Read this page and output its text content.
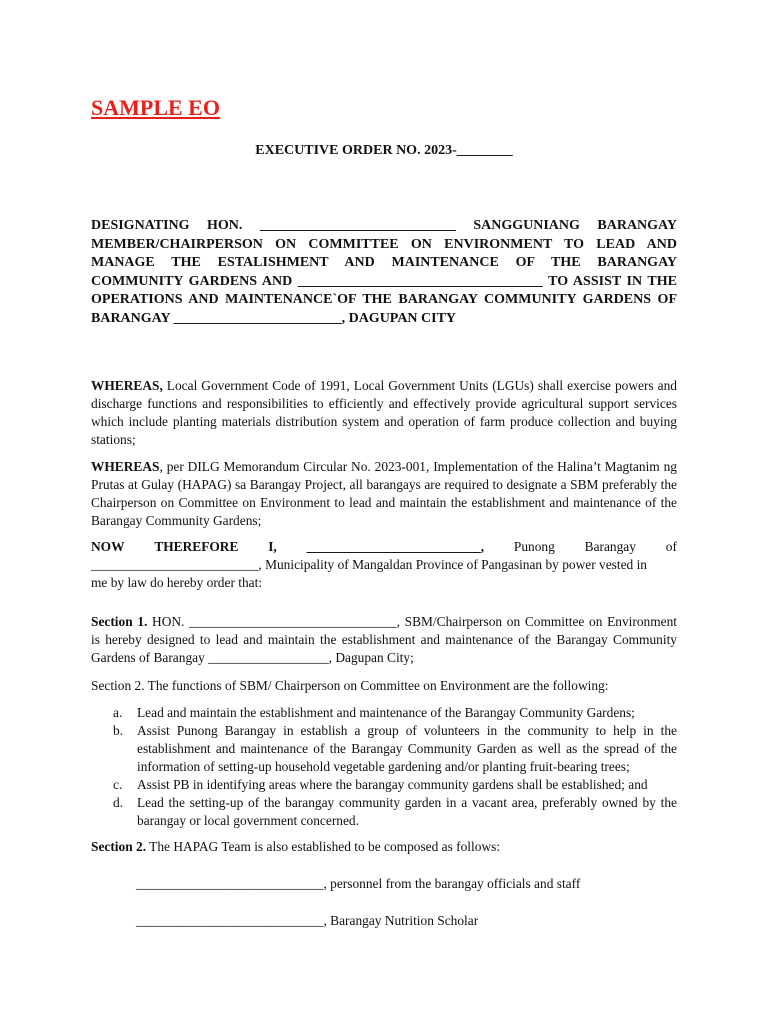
SAMPLE EO

EXECUTIVE ORDER NO. 2023-________

DESIGNATING HON. ____________________________ SANGGUNIANG BARANGAY MEMBER/CHAIRPERSON ON COMMITTEE ON ENVIRONMENT TO LEAD AND MANAGE THE ESTALISHMENT AND MAINTENANCE OF THE BARANGAY COMMUNITY GARDENS AND ___________________________________ TO ASSIST IN THE OPERATIONS AND MAINTENANCE`OF THE BARANGAY COMMUNITY GARDENS OF BARANGAY ________________________, DAGUPAN CITY

WHEREAS, Local Government Code of 1991, Local Government Units (LGUs) shall exercise powers and discharge functions and responsibilities to efficiently and effectively provide agricultural support services which include planting materials distribution system and operation of farm produce collection and buying stations;

WHEREAS, per DILG Memorandum Circular No. 2023-001, Implementation of the Halina’t Magtanim ng Prutas at Gulay (HAPAG) sa Barangay Project, all barangays are required to designate a SBM preferably the Chairperson on Committee on Environment to lead and maintain the establishment and maintenance of the Barangay Community Gardens;

NOW THEREFORE I, __________________________, Punong Barangay of
_________________________, Municipality of Mangaldan Province of Pangasinan by power vested in
me by law do hereby order that:

Section 1. HON. _______________________________, SBM/Chairperson on Committee on Environment is hereby designed to lead and maintain the establishment and maintenance of the Barangay Community Gardens of Barangay __________________, Dagupan City;

Section 2. The functions of SBM/ Chairperson on Committee on Environment are the following:

a. Lead and maintain the establishment and maintenance of the Barangay Community Gardens;
b. Assist Punong Barangay in establish a group of volunteers in the community to help in the establishment and maintenance of the Barangay Community Garden as well as the spread of the information of setting-up household vegetable gardening and/or planting fruit-bearing trees;
c. Assist PB in identifying areas where the barangay community gardens shall be established; and
d. Lead the setting-up of the barangay community garden in a vacant area, preferably owned by the barangay or local government concerned.

Section 2. The HAPAG Team is also established to be composed as follows:

____________________________, personnel from the barangay officials and staff

____________________________, Barangay Nutrition Scholar
